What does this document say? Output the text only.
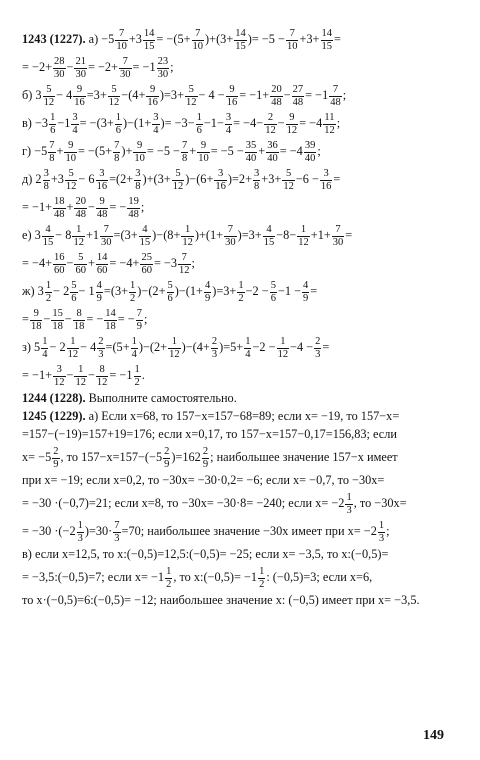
1243 (1227). $а) -5 \frac{7}{10} +3 \frac{14}{15} = -(5+ \frac{7}{10} )+(3+ \frac{14}{15}$ )= $-5 - \frac{7}{10} +3+ \frac{14}{15}$ =
= $-2+ \frac{28}{30} - \frac{21}{30} = -2+ \frac{7}{30} = -1 \frac{23}{30}$ ;
б) $3 \frac{5}{12} - 4 \frac{9}{16} =3+ \frac{5}{12} -(4+ \frac{9}{16} )=3+ \frac{5}{12} - 4 - \frac{9}{16} = -1+ \frac{20}{48} - \frac{27}{48} = -1 \frac{7}{48}$ ;
$в) -3 \frac{1}{6} -1 \frac{3}{4} = -(3+ \frac{1}{6} )-(1+ \frac{3}{4}$ )= $-3- \frac{1}{6} -1- \frac{3}{4} = -4- \frac{2}{12} - \frac{9}{12} = -4 \frac{11}{12}$ ;
$г) -5 \frac{7}{8} + \frac{9}{10} = -(5+ \frac{7}{8}$ )+ $\frac{9}{10} = -5 - \frac{7}{8} + \frac{9}{10} = -5 - \frac{35}{40} + \frac{36}{40} = -4 \frac{39}{40}$ ;
д) $2 \frac{3}{8} +3 \frac{5}{12} - 6 \frac{3}{16} =(2+ \frac{3}{8} )+(3+ \frac{5}{12} )-(6+ \frac{3}{16} )=2+ \frac{3}{8} +3+ \frac{5}{12} -6 - \frac{3}{16}$ =
= $-1+ \frac{18}{48} + \frac{20}{48} - \frac{9}{48}$ = − $\frac{19}{48}$ ;
е) $3 \frac{4}{15} - 8 \frac{1}{12} +1 \frac{7}{30} =(3+ \frac{4}{15} )-(8+ \frac{1}{12} )+(1+ \frac{7}{30} )=3+ \frac{4}{15} -8- \frac{1}{12} +1+ \frac{7}{30}$ =
= $-4+ \frac{16}{60} - \frac{5}{60} + \frac{14}{60} = -4+ \frac{25}{60} = -3 \frac{7}{12}$ ;
ж) $3 \frac{1}{2} - 2 \frac{5}{6} - 1 \frac{4}{9} =(3+ \frac{1}{2} )-(2+ \frac{5}{6} )-(1+ \frac{4}{9} )=3+ \frac{1}{2} -2 - \frac{5}{6} -1 - \frac{4}{9}$ =
= $\frac{9}{18} - \frac{15}{18} - \frac{8}{18}$ = − $\frac{14}{18}$ = − $\frac{7}{9}$ ;
з) $5 \frac{1}{4} - 2 \frac{1}{12} - 4 \frac{2}{3} =(5+ \frac{1}{4} )-(2+ \frac{1}{12} )-(4+ \frac{2}{3} )=5+ \frac{1}{4} -2 - \frac{1}{12} -4 - \frac{2}{3}$ =
= $-1+ \frac{3}{12} - \frac{1}{12} - \frac{8}{12} = -1 \frac{1}{2}$ .
1244 (1228). Выполните самостоятельно.
1245 (1229). а) Если x=68, то 157−x=157−68=89; если x= −19, то 157−x=
=157−(−19)=157+19=176; если x=0,17, то 157−x=157−0,17=156,83; если
$x= -5 \frac{2}{9}$ , то $157-x=157-(-5 \frac{2}{9} )=162 \frac{2}{9}$ ; наибольшее значение 157−x имеет
при x= −19; если x=0,2, то −30x= −30·0,2= −6; если x= −0,7, то −30x=
= −30 ·(−0,7)=21; если x=8, то −30x= −30·8= −240; если $x= -2 \frac{1}{3}$ , то −30x=
= $-30 \cdot(-2 \frac{1}{3} )=30\cdot \frac{7}{3} =70$; наибольшее значение −30x имеет при $x= -2 \frac{1}{3}$ ;
в) если x=12,5, то x:(−0,5)=12,5:(−0,5)= −25; если x= −3,5, то x:(−0,5)=
= −3,5:(−0,5)=7; если $x= -1 \frac{1}{2}$ , то x:(−0,5)= $-1 \frac{1}{2}$ : (−0,5)=3; если x=6,
то x·(−0,5)=6:(−0,5)= −12; наибольшее значение x: (−0,5) имеет при x= −3,5.
149
